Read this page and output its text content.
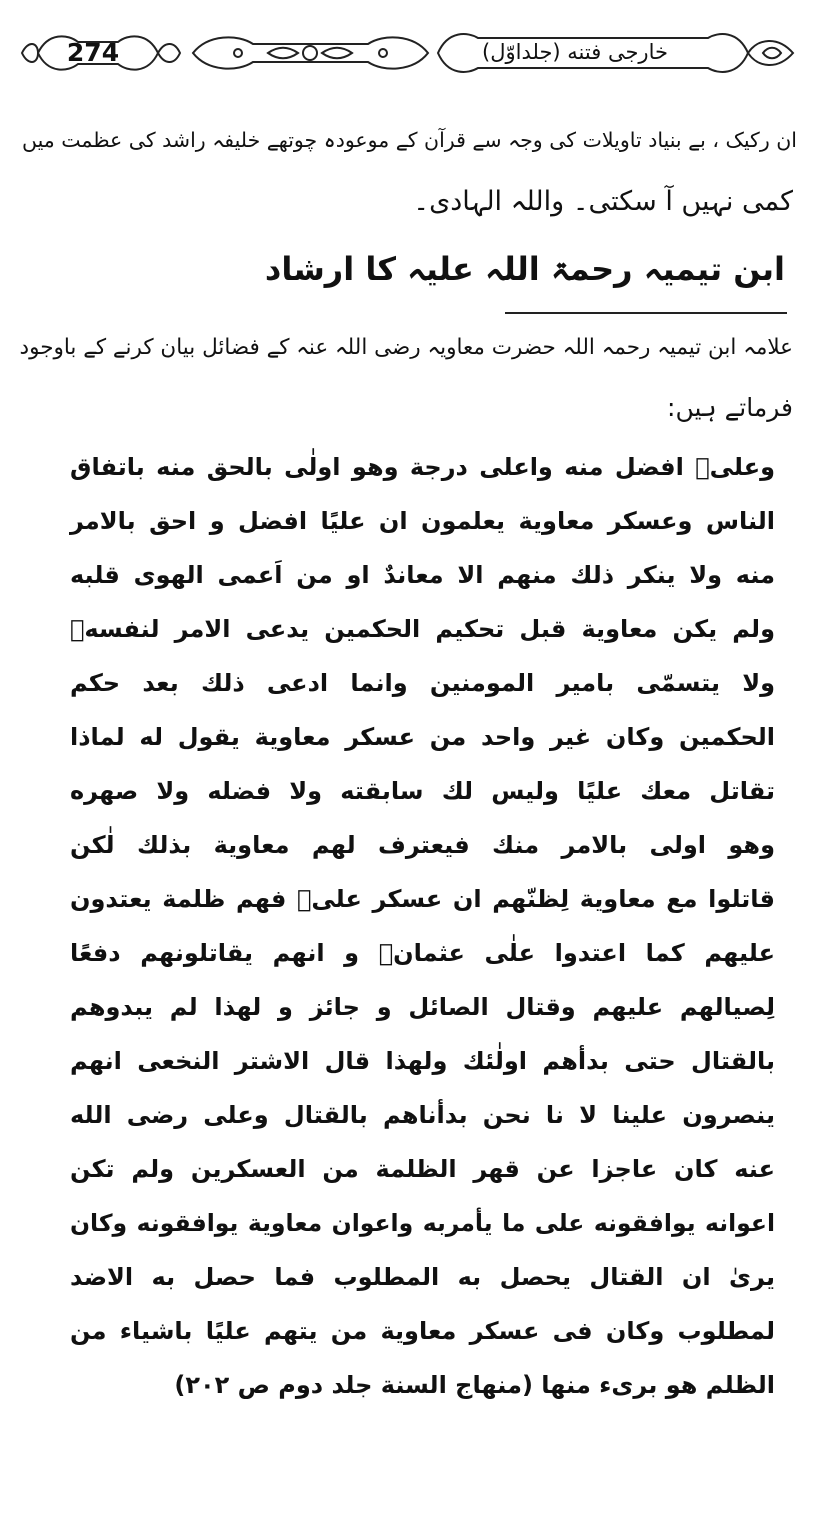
274	خارجی فتنه (جلداوّل)
ان رکیک ، بے بنیاد تاویلات کی وجہ سے قرآن کے موعودہ چوتھے خلیفہ راشد کی عظمت میں
کمی نہیں آ سکتی۔ واللہ الہادی۔
ابن تیمیہ رحمۃ اللہ علیہ کا ارشاد
علامہ ابن تیمیہ رحمہ اللہ حضرت معاویہ رضی اللہ عنہ کے فضائل بیان کرنے کے باوجود
فرماتے ہیں:
وعلیؓ افضل منه واعلی درجة وهو اولٰی بالحق منه باتفاق
الناس وعسكر معاوية يعلمون ان عليًا افضل و احق بالامر
منه ولا ينكر ذلك منهم الا معاندٌ او من اَعمى الهوى قلبه
ولم يكن معاوية قبل تحكيم الحكمين يدعى الامر لنفسهٖ
ولا يتسمّى بامير المومنين وانما ادعى ذلك بعد حكم
الحكمين وكان غير واحد من عسكر معاوية يقول له لماذا
تقاتل معك عليًا وليس لك سابقته ولا فضله ولا صهره
وهو اولى بالامر منك فيعترف لهم معاوية بذلك لٰكن
قاتلوا مع معاوية لِظنّهم ان عسكر علیؓ فهم ظلمة يعتدون
عليهم كما اعتدوا علٰى عثمانؓ و انهم يقاتلونهم دفعًا
لِصيالهم عليهم وقتال الصائل و جائز و لهذا لم يبدوهم
بالقتال حتى بدأهم اولٰئك ولهذا قال الاشتر النخعى انهم
ينصرون علينا لا نا نحن بدأناهم بالقتال وعلى رضى الله
عنه كان عاجزا عن قهر الظلمة من العسكرين ولم تكن
اعوانه يوافقونه على ما يأمربه واعوان معاوية يوافقونه وكان
يرىٰ ان القتال يحصل به المطلوب فما حصل به الاضد
لمطلوب وكان فى عسكر معاوية من يتهم عليًا باشياء من
الظلم هو برىء منها (منهاج السنة جلد دوم ص ٢٠٢)
